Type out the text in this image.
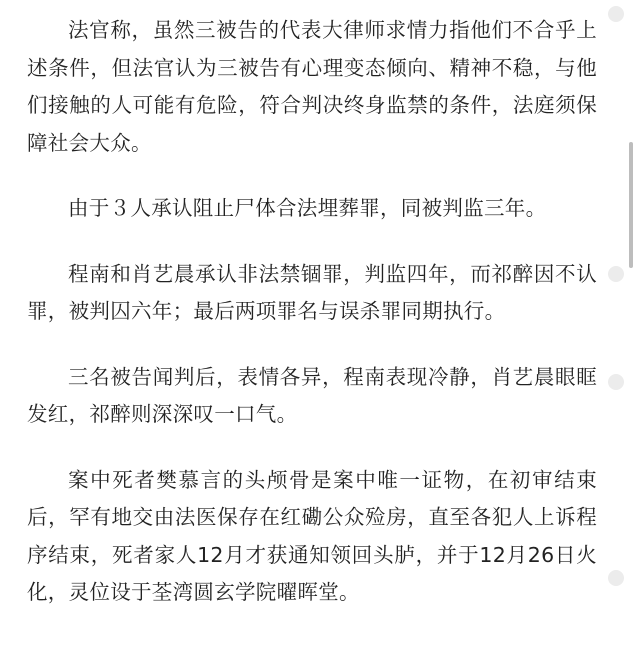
法官称，虽然三被告的代表大律师求情力指他们不合乎上述条件，但法官认为三被告有心理变态倾向、精神不稳，与他们接触的人可能有危险，符合判决终身监禁的条件，法庭须保障社会大众。

由于３人承认阻止尸体合法埋葬罪，同被判监三年。

程南和肖艺晨承认非法禁锢罪，判监四年，而祁醉因不认罪，被判囚六年；最后两项罪名与误杀罪同期执行。

三名被告闻判后，表情各异，程南表现冷静，肖艺晨眼眶发红，祁醉则深深叹一口气。

案中死者樊慕言的头颅骨是案中唯一证物，在初审结束后，罕有地交由法医保存在红磡公众殓房，直至各犯人上诉程序结束，死者家人12月才获通知领回头胪，并于12月26日火化，灵位设于荃湾圆玄学院曜晖堂。
